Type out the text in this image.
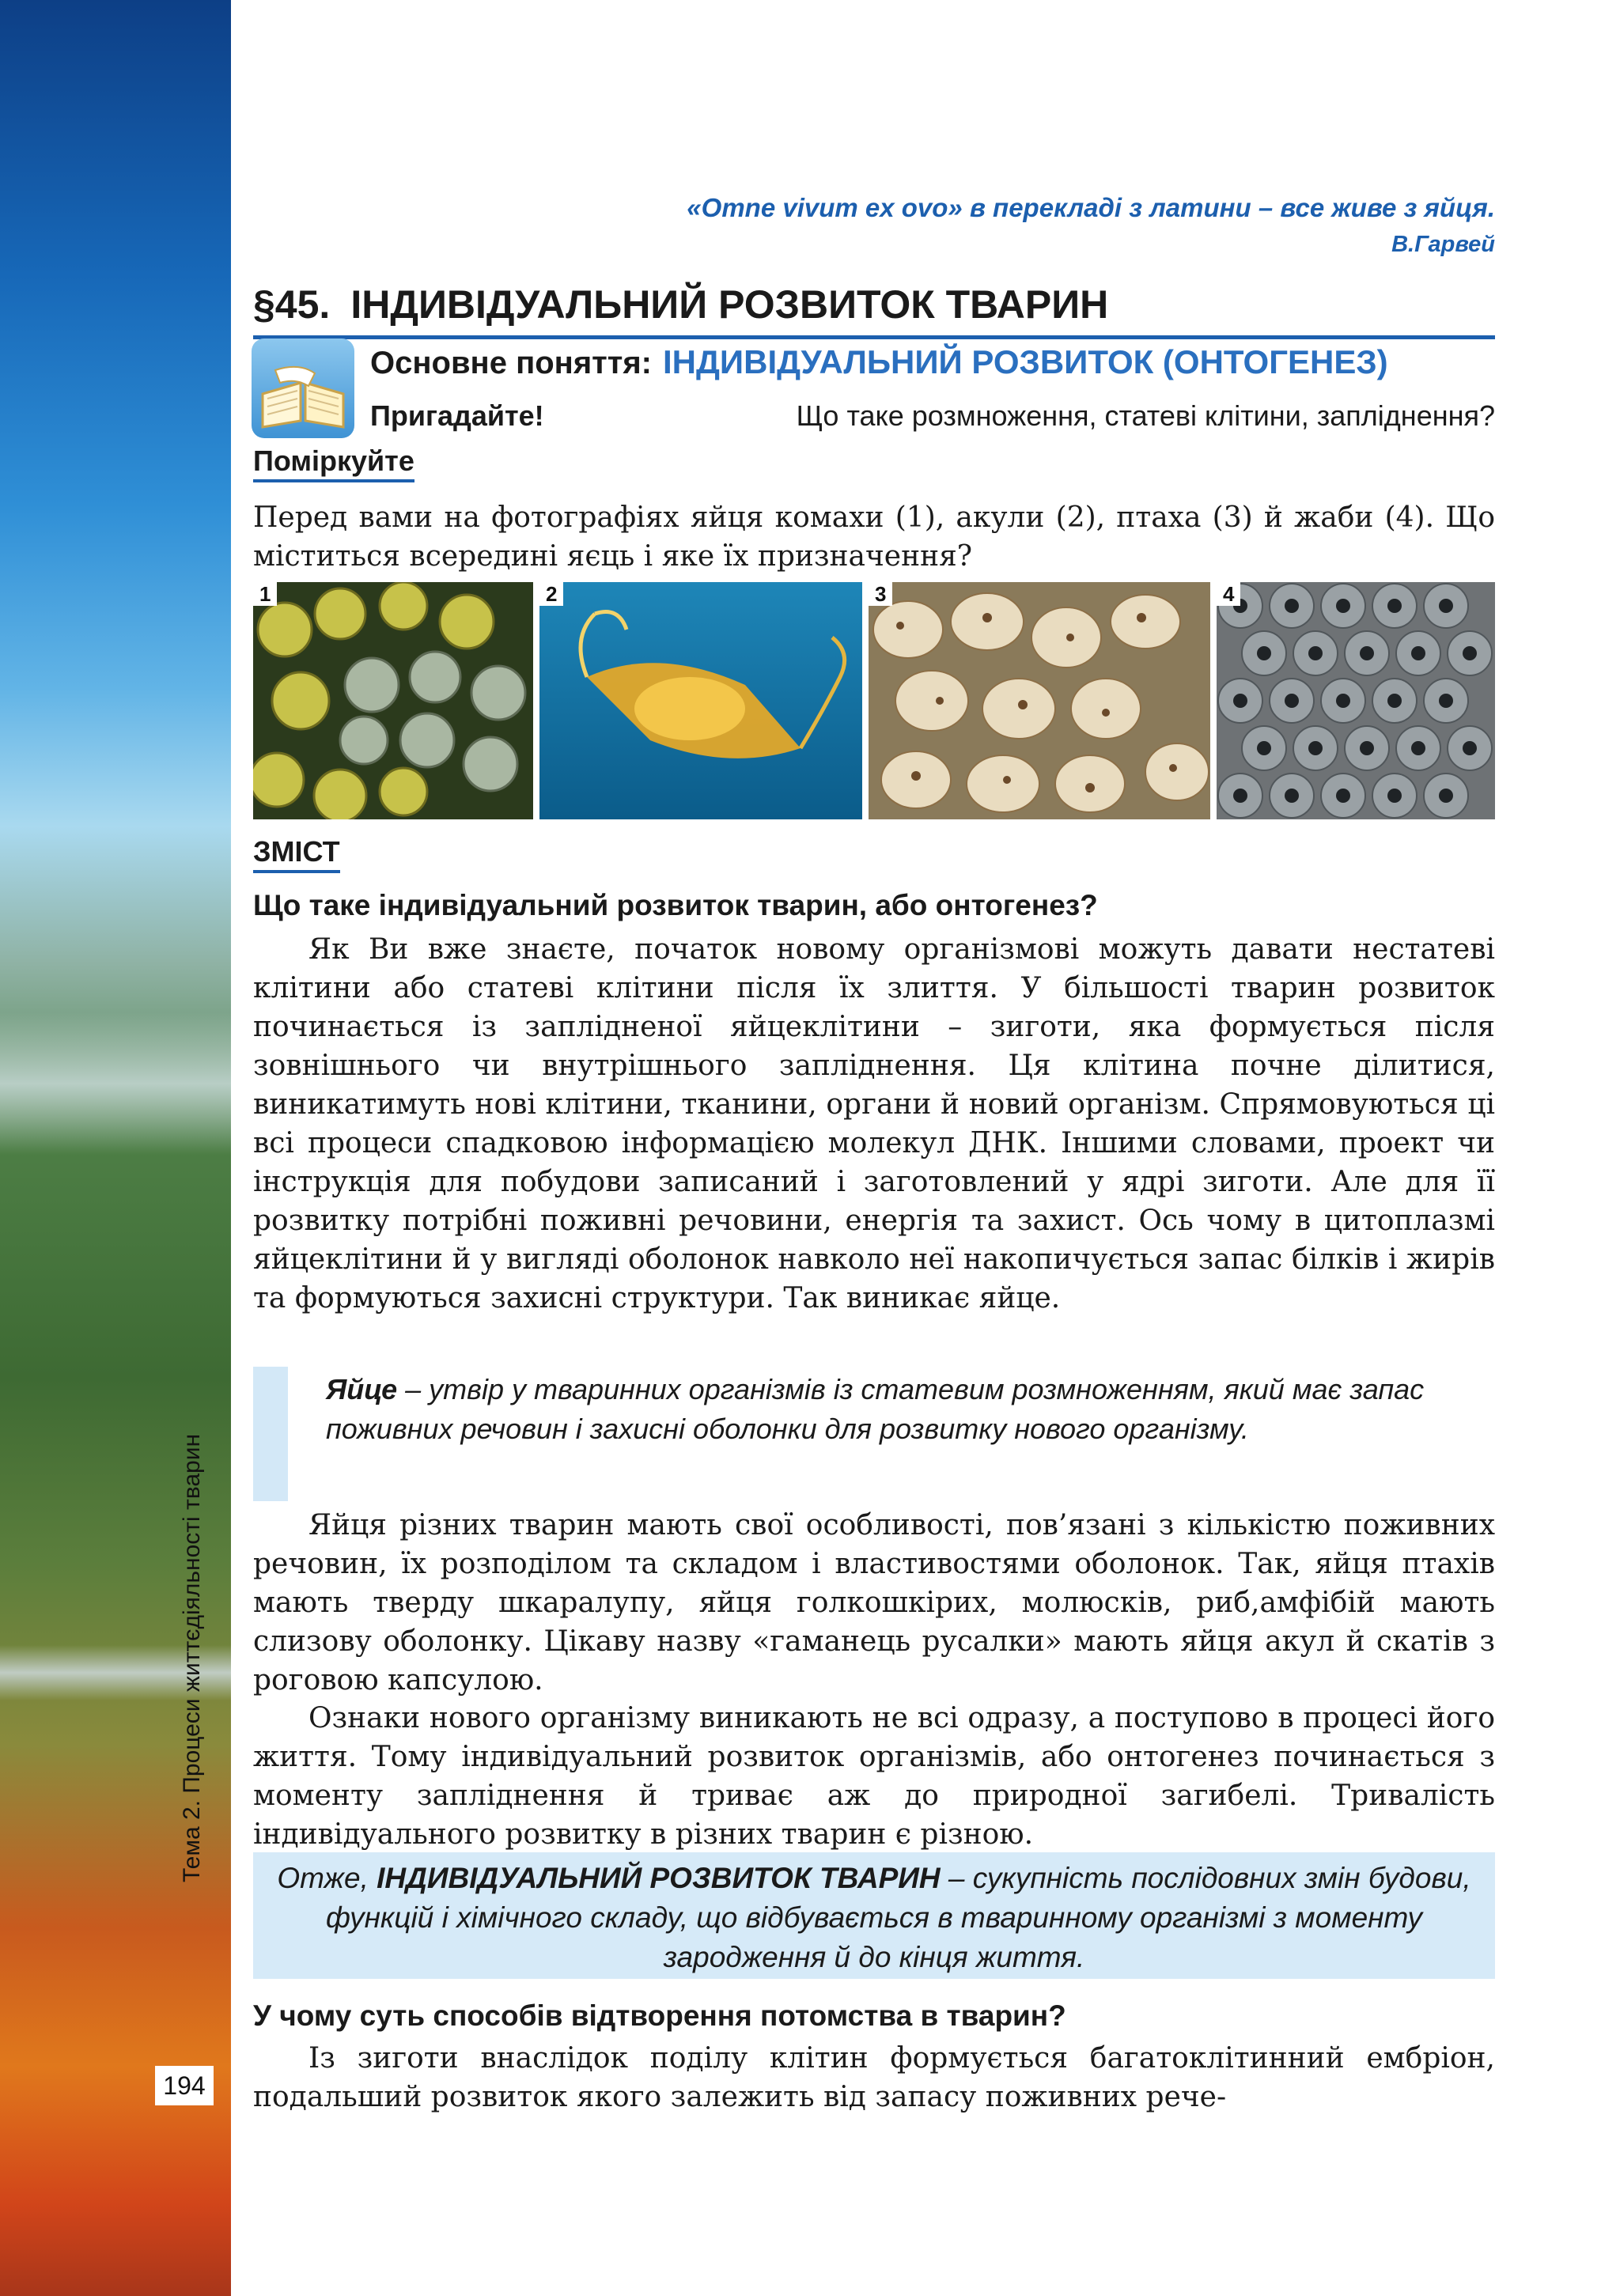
194
«Omne vivum ex ovo» в перекладі з латини – все живе з яйця.
В.Гарвей
§45. ІНДИВІДУАЛЬНИЙ РОЗВИТОК ТВАРИН
Основне поняття: ІНДИВІДУАЛЬНИЙ РОЗВИТОК (ОНТОГЕНЕЗ)
Пригадайте!	Що таке розмноження, статеві клітини, запліднення?
Поміркуйте
Перед вами на фотографіях яйця комахи (1), акули (2), птаха (3) й жаби (4). Що міститься всередині яєць і яке їх призначення?
1	2	3	4
ЗМІСТ
Що таке індивідуальний розвиток тварин, або онтогенез?
Як Ви вже знаєте, початок новому організмові можуть давати нестатеві клітини або статеві клітини після їх злиття. У більшості тварин розвиток починається із заплідненої яйцеклітини – зиготи, яка формується після зовнішнього чи внутрішнього запліднення. Ця клітина почне ділитися, виникатимуть нові клітини, тканини, органи й новий організм. Спрямовуються ці всі процеси спадковою інформацією молекул ДНК. Іншими словами, проект чи інструкція для побудови записаний і заготовлений у ядрі зиготи. Але для її розвитку потрібні поживні речовини, енергія та захист. Ось чому в цитоплазмі яйцеклітини й у вигляді оболонок навколо неї накопичується запас білків і жирів та формуються захисні структури. Так виникає яйце.
Яйце – утвір у тваринних організмів із статевим розмноженням, який має запас поживних речовин і захисні оболонки для розвитку нового організму.
Яйця різних тварин мають свої особливості, пов’язані з кількістю поживних речовин, їх розподілом та складом і властивостями оболонок. Так, яйця птахів мають тверду шкаралупу, яйця голкошкірих, молюсків, риб,амфібій мають слизову оболонку. Цікаву назву «гаманець русалки» мають яйця акул й скатів з роговою капсулою.
Ознаки нового організму виникають не всі одразу, а поступово в процесі його життя. Тому індивідуальний розвиток організмів, або онтогенез починається з моменту запліднення й триває аж до природної загибелі. Тривалість індивідуального розвитку в різних тварин є різною.
Отже, ІНДИВІДУАЛЬНИЙ РОЗВИТОК ТВАРИН – сукупність послідовних змін будови, функцій і хімічного складу, що відбувається в тваринному організмі з моменту зародження й до кінця життя.
У чому суть способів відтворення потомства в тварин?
Із зиготи внаслідок поділу клітин формується багатоклітинний ембріон, подальший розвиток якого залежить від запасу поживних рече-
